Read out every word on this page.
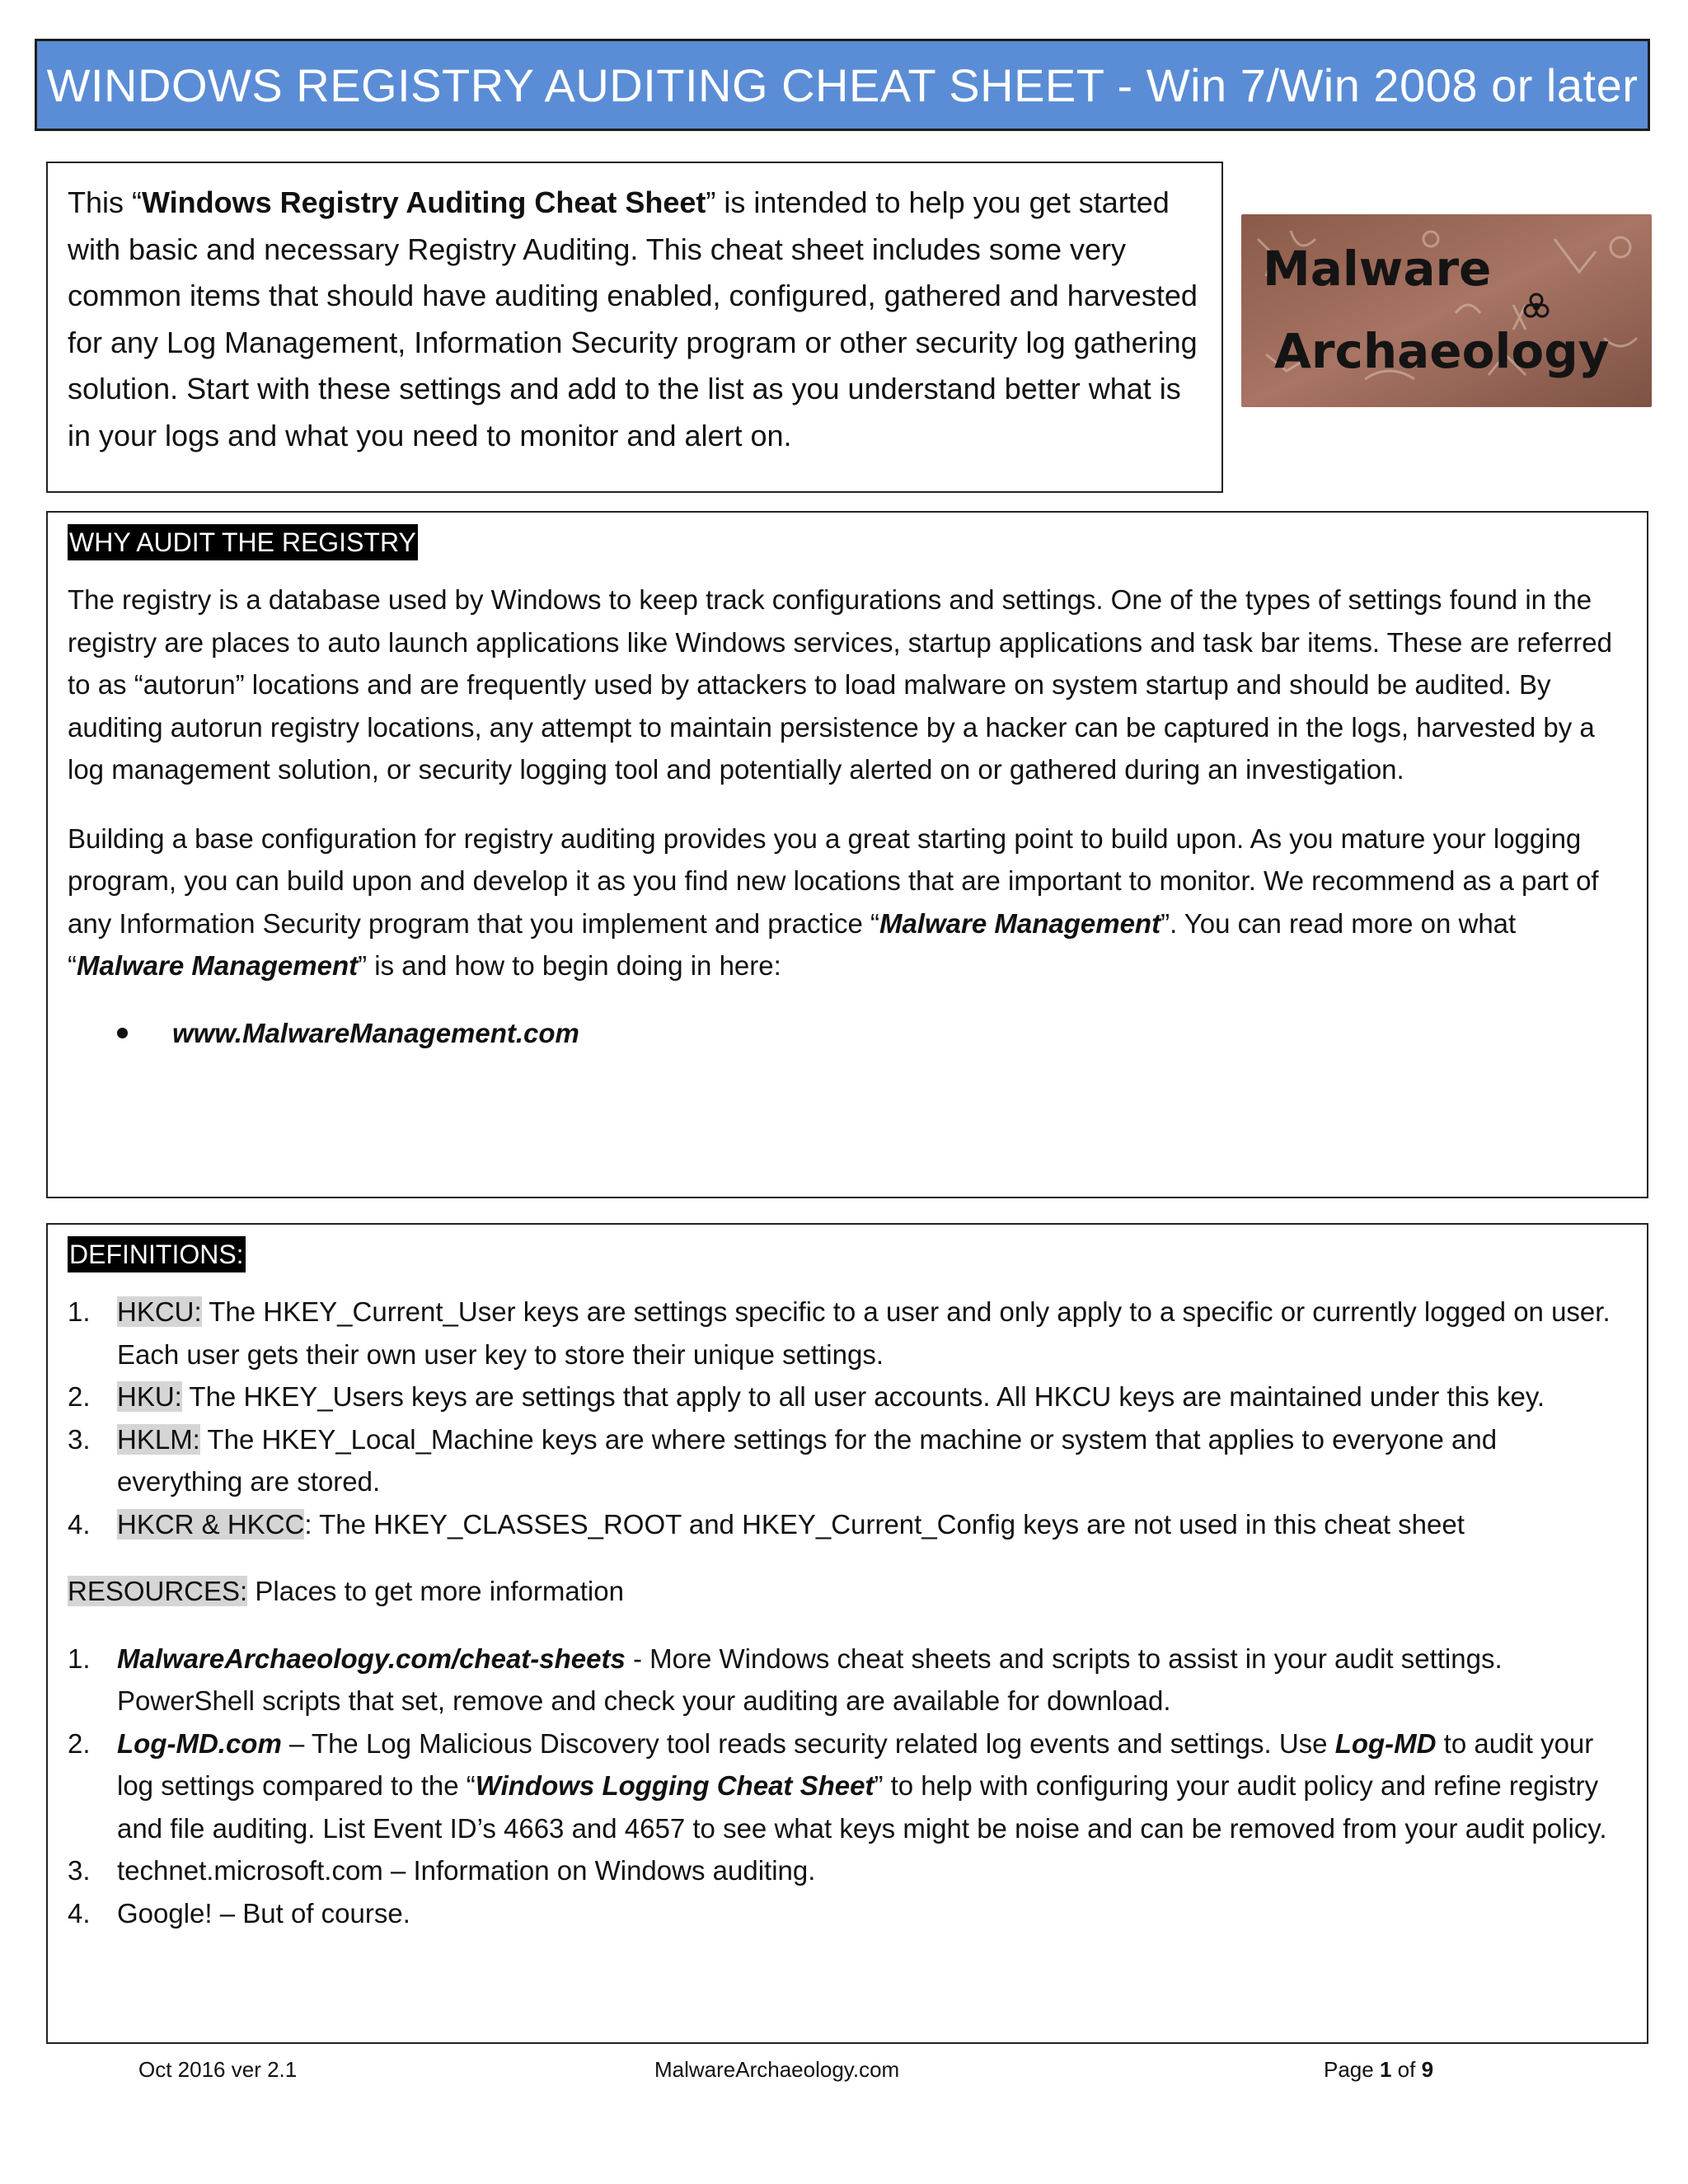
WINDOWS REGISTRY AUDITING CHEAT SHEET - Win 7/Win 2008 or later
This “Windows Registry Auditing Cheat Sheet” is intended to help you get started with basic and necessary Registry Auditing. This cheat sheet includes some very common items that should have auditing enabled, configured, gathered and harvested for any Log Management, Information Security program or other security log gathering solution. Start with these settings and add to the list as you understand better what is in your logs and what you need to monitor and alert on.
Malware
Archaeology
WHY AUDIT THE REGISTRY

The registry is a database used by Windows to keep track configurations and settings. One of the types of settings found in the registry are places to auto launch applications like Windows services, startup applications and task bar items. These are referred to as “autorun” locations and are frequently used by attackers to load malware on system startup and should be audited. By auditing autorun registry locations, any attempt to maintain persistence by a hacker can be captured in the logs, harvested by a log management solution, or security logging tool and potentially alerted on or gathered during an investigation.

Building a base configuration for registry auditing provides you a great starting point to build upon. As you mature your logging program, you can build upon and develop it as you find new locations that are important to monitor. We recommend as a part of any Information Security program that you implement and practice “Malware Management”. You can read more on what “Malware Management” is and how to begin doing in here:

www.MalwareManagement.com
DEFINITIONS:
1. HKCU: The HKEY_Current_User keys are settings specific to a user and only apply to a specific or currently logged on user. Each user gets their own user key to store their unique settings.
2. HKU: The HKEY_Users keys are settings that apply to all user accounts. All HKCU keys are maintained under this key.
3. HKLM: The HKEY_Local_Machine keys are where settings for the machine or system that applies to everyone and everything are stored.
4. HKCR & HKCC: The HKEY_CLASSES_ROOT and HKEY_Current_Config keys are not used in this cheat sheet
RESOURCES: Places to get more information
1. MalwareArchaeology.com/cheat-sheets - More Windows cheat sheets and scripts to assist in your audit settings. PowerShell scripts that set, remove and check your auditing are available for download.
2. Log-MD.com – The Log Malicious Discovery tool reads security related log events and settings. Use Log-MD to audit your log settings compared to the “Windows Logging Cheat Sheet” to help with configuring your audit policy and refine registry and file auditing. List Event ID’s 4663 and 4657 to see what keys might be noise and can be removed from your audit policy.
3. technet.microsoft.com – Information on Windows auditing.
4. Google! – But of course.
Oct 2016 ver 2.1	MalwareArchaeology.com	Page 1 of 9
